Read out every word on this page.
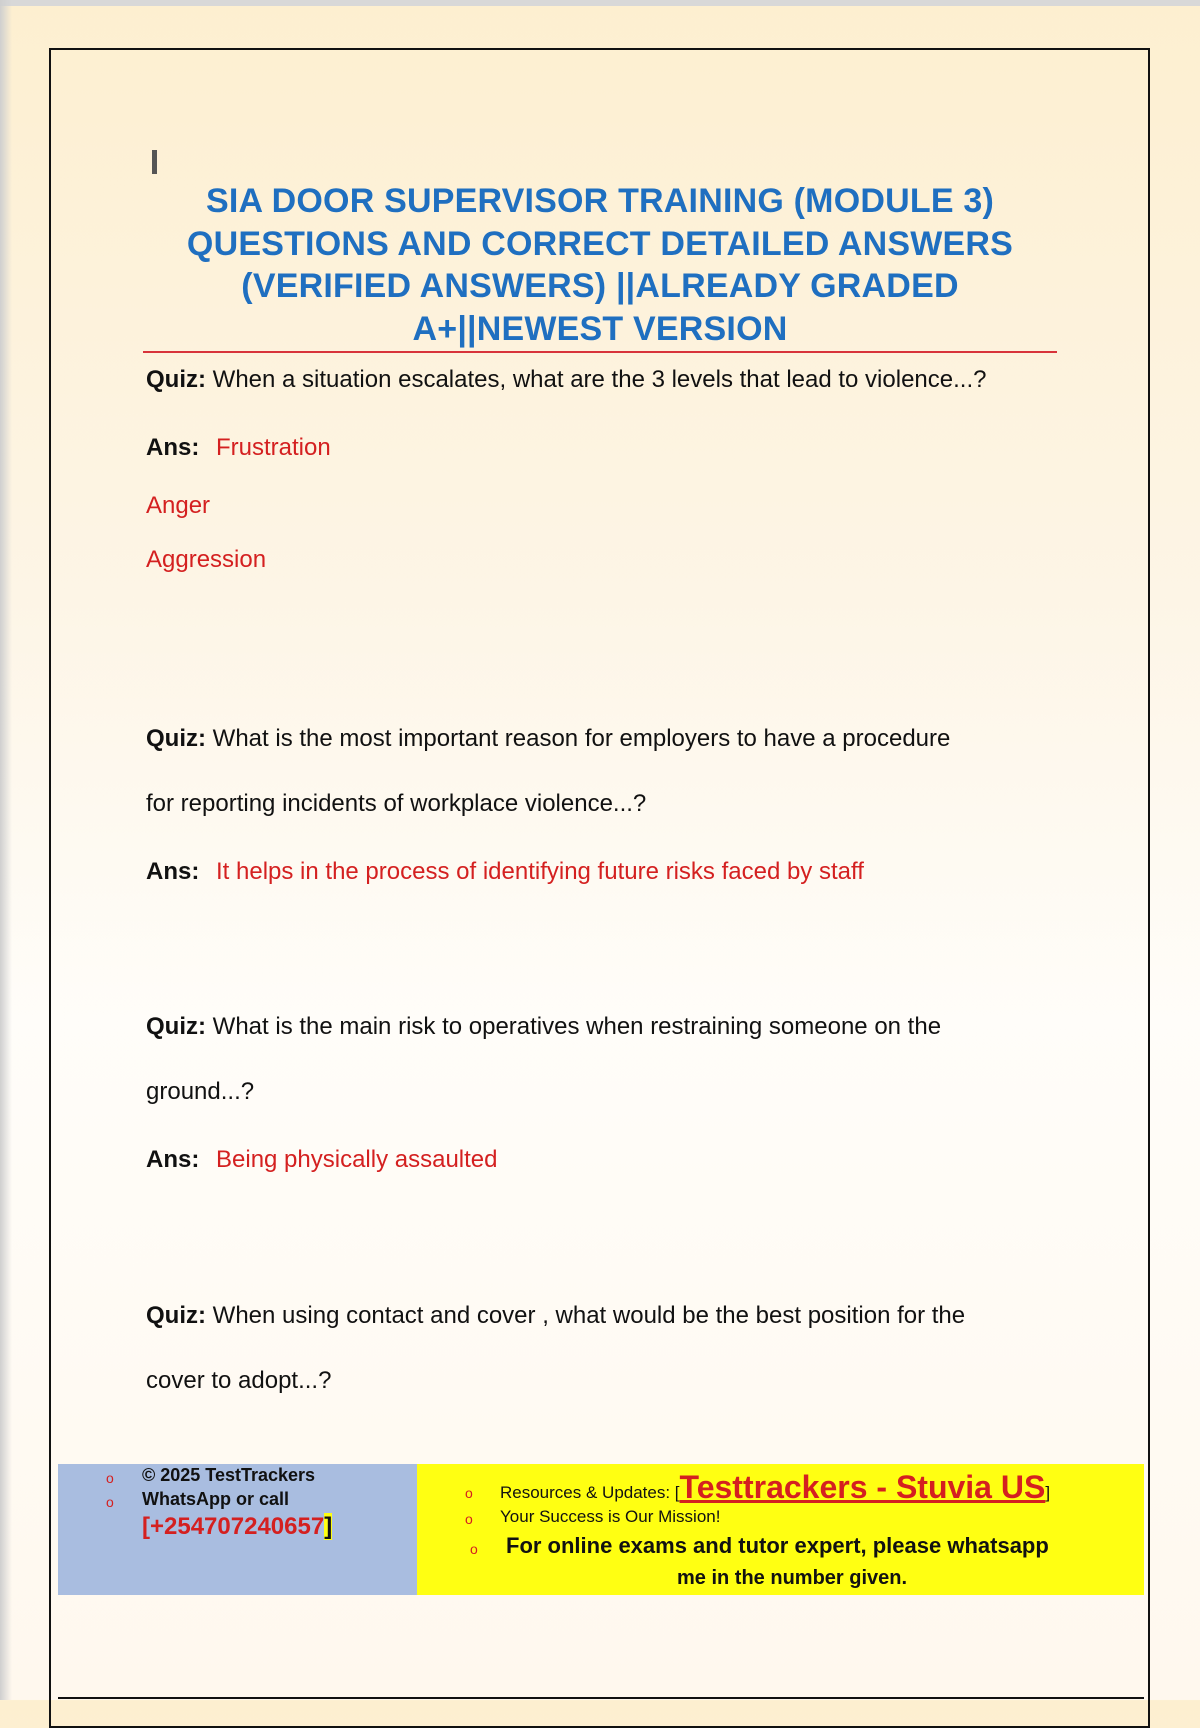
SIA DOOR SUPERVISOR TRAINING (MODULE 3) QUESTIONS AND CORRECT DETAILED ANSWERS (VERIFIED ANSWERS) ||ALREADY GRADED A+||NEWEST VERSION
Quiz: When a situation escalates, what are the 3 levels that lead to violence...?
Ans: Frustration
Anger
Aggression
Quiz: What is the most important reason for employers to have a procedure
for reporting incidents of workplace violence...?
Ans: It helps in the process of identifying future risks faced by staff
Quiz: What is the main risk to operatives when restraining someone on the
ground...?
Ans: Being physically assaulted
Quiz: When using contact and cover , what would be the best position for the
cover to adopt...?
o © 2025 TestTrackers
o WhatsApp or call
[+254707240657]
o Resources & Updates: [Testtrackers - Stuvia US]
o Your Success is Our Mission!
o For online exams and tutor expert, please whatsapp
me in the number given.
